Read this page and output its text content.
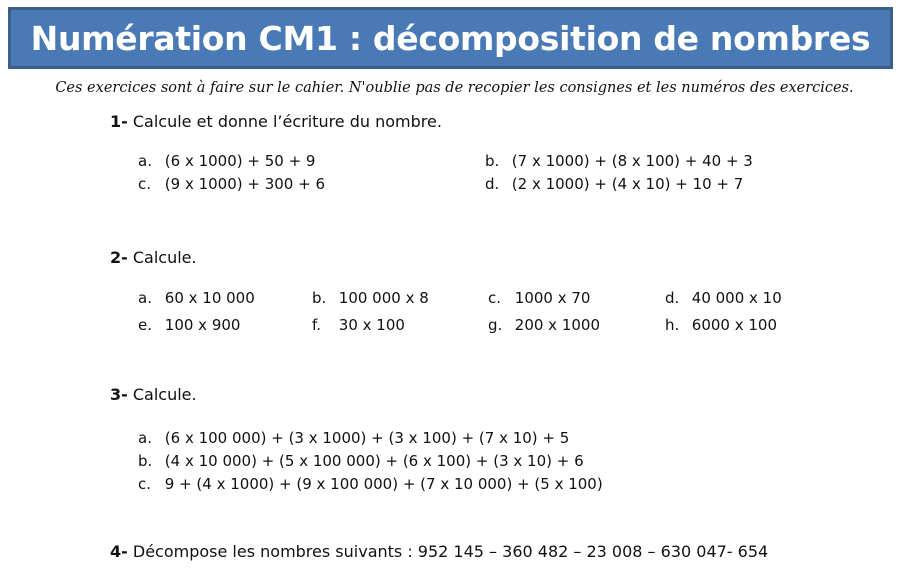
Numération CM1 : décomposition de nombres
Ces exercices sont à faire sur le cahier. N'oublie pas de recopier les consignes et les numéros des exercices.
1- Calcule et donne l’écriture du nombre.
a. (6 x 1000) + 50 + 9	b. (7 x 1000) + (8 x 100) + 40 + 3
c. (9 x 1000) + 300 + 6	d. (2 x 1000) + (4 x 10) + 10 + 7
2- Calcule.
a. 60 x 10 000	b. 100 000 x 8	c. 1000 x 70	d. 40 000 x 10
e. 100 x 900	f. 30 x 100	g. 200 x 1000	h. 6000 x 100
3- Calcule.
a. (6 x 100 000) + (3 x 1000) + (3 x 100) + (7 x 10) + 5
b. (4 x 10 000) + (5 x 100 000) + (6 x 100) + (3 x 10) + 6
c. 9 + (4 x 1000) + (9 x 100 000) + (7 x 10 000) + (5 x 100)
4- Décompose les nombres suivants : 952 145 – 360 482 – 23 008 – 630 047- 654
